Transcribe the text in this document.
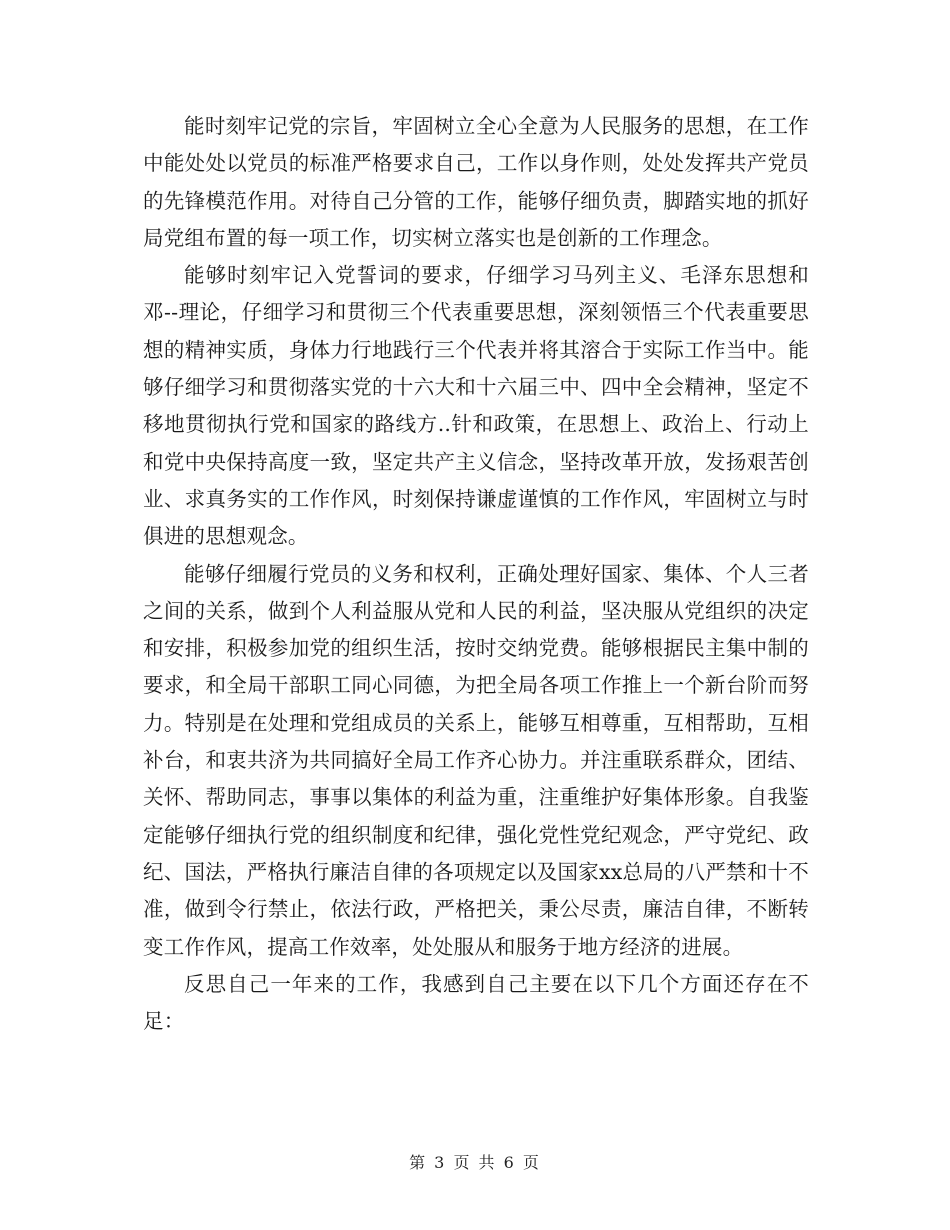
能时刻牢记党的宗旨，牢固树立全心全意为人民服务的思想，在工作中能处处以党员的标准严格要求自己，工作以身作则，处处发挥共产党员的先锋模范作用。对待自己分管的工作，能够仔细负责，脚踏实地的抓好局党组布置的每一项工作，切实树立落实也是创新的工作理念。

能够时刻牢记入党誓词的要求，仔细学习马列主义、毛泽东思想和邓--理论，仔细学习和贯彻三个代表重要思想，深刻领悟三个代表重要思想的精神实质，身体力行地践行三个代表并将其溶合于实际工作当中。能够仔细学习和贯彻落实党的十六大和十六届三中、四中全会精神，坚定不移地贯彻执行党和国家的路线方..针和政策，在思想上、政治上、行动上和党中央保持高度一致，坚定共产主义信念，坚持改革开放，发扬艰苦创业、求真务实的工作作风，时刻保持谦虚谨慎的工作作风，牢固树立与时俱进的思想观念。

能够仔细履行党员的义务和权利，正确处理好国家、集体、个人三者之间的关系，做到个人利益服从党和人民的利益，坚决服从党组织的决定和安排，积极参加党的组织生活，按时交纳党费。能够根据民主集中制的要求，和全局干部职工同心同德，为把全局各项工作推上一个新台阶而努力。特别是在处理和党组成员的关系上，能够互相尊重，互相帮助，互相补台，和衷共济为共同搞好全局工作齐心协力。并注重联系群众，团结、关怀、帮助同志，事事以集体的利益为重，注重维护好集体形象。自我鉴定能够仔细执行党的组织制度和纪律，强化党性党纪观念，严守党纪、政纪、国法，严格执行廉洁自律的各项规定以及国家xx总局的八严禁和十不准，做到令行禁止，依法行政，严格把关，秉公尽责，廉洁自律，不断转变工作作风，提高工作效率，处处服从和服务于地方经济的进展。

反思自己一年来的工作，我感到自己主要在以下几个方面还存在不足：

第 3 页 共 6 页
